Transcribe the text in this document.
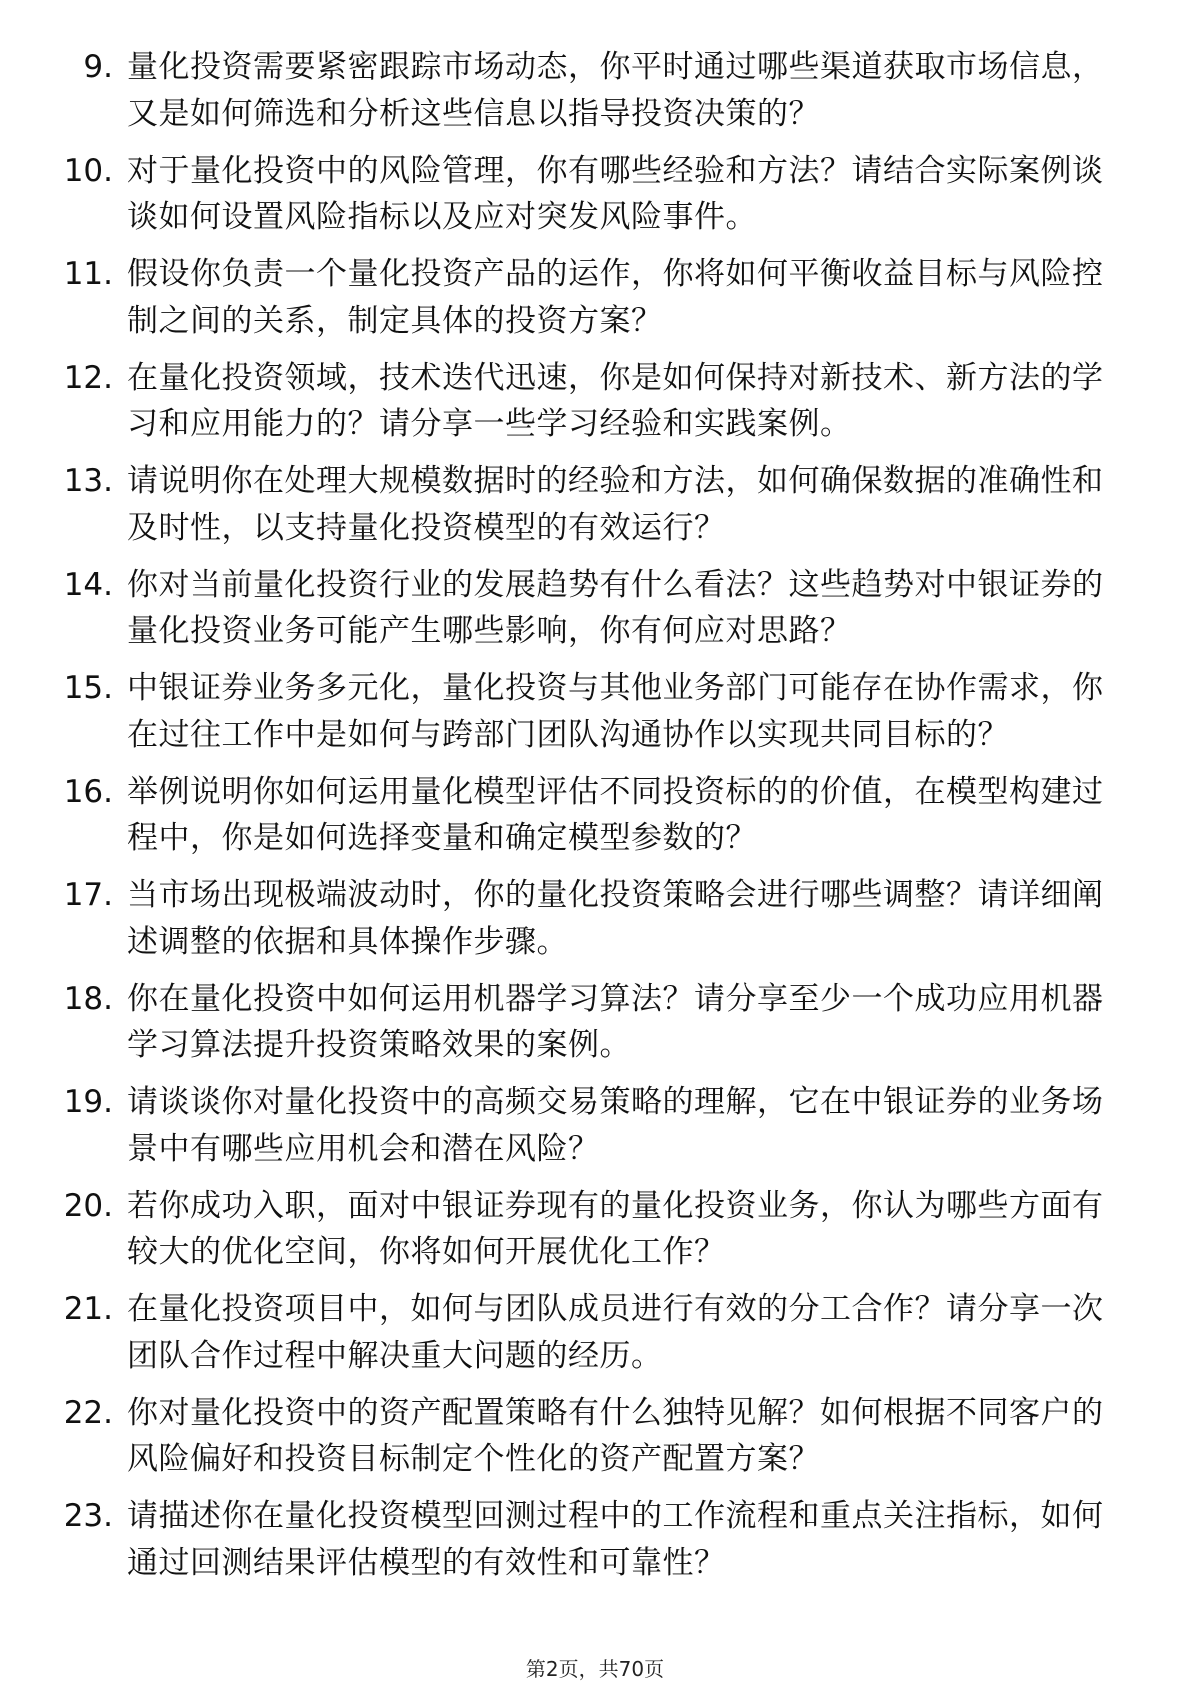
9. 量化投资需要紧密跟踪市场动态，你平时通过哪些渠道获取市场信息，又是如何筛选和分析这些信息以指导投资决策的？
10. 对于量化投资中的风险管理，你有哪些经验和方法？请结合实际案例谈谈如何设置风险指标以及应对突发风险事件。
11. 假设你负责一个量化投资产品的运作，你将如何平衡收益目标与风险控制之间的关系，制定具体的投资方案？
12. 在量化投资领域，技术迭代迅速，你是如何保持对新技术、新方法的学习和应用能力的？请分享一些学习经验和实践案例。
13. 请说明你在处理大规模数据时的经验和方法，如何确保数据的准确性和及时性，以支持量化投资模型的有效运行？
14. 你对当前量化投资行业的发展趋势有什么看法？这些趋势对中银证券的量化投资业务可能产生哪些影响，你有何应对思路？
15. 中银证券业务多元化，量化投资与其他业务部门可能存在协作需求，你在过往工作中是如何与跨部门团队沟通协作以实现共同目标的？
16. 举例说明你如何运用量化模型评估不同投资标的的价值，在模型构建过程中，你是如何选择变量和确定模型参数的？
17. 当市场出现极端波动时，你的量化投资策略会进行哪些调整？请详细阐述调整的依据和具体操作步骤。
18. 你在量化投资中如何运用机器学习算法？请分享至少一个成功应用机器学习算法提升投资策略效果的案例。
19. 请谈谈你对量化投资中的高频交易策略的理解，它在中银证券的业务场景中有哪些应用机会和潜在风险？
20. 若你成功入职，面对中银证券现有的量化投资业务，你认为哪些方面有较大的优化空间，你将如何开展优化工作？
21. 在量化投资项目中，如何与团队成员进行有效的分工合作？请分享一次团队合作过程中解决重大问题的经历。
22. 你对量化投资中的资产配置策略有什么独特见解？如何根据不同客户的风险偏好和投资目标制定个性化的资产配置方案？
23. 请描述你在量化投资模型回测过程中的工作流程和重点关注指标，如何通过回测结果评估模型的有效性和可靠性？
第2页，共70页
